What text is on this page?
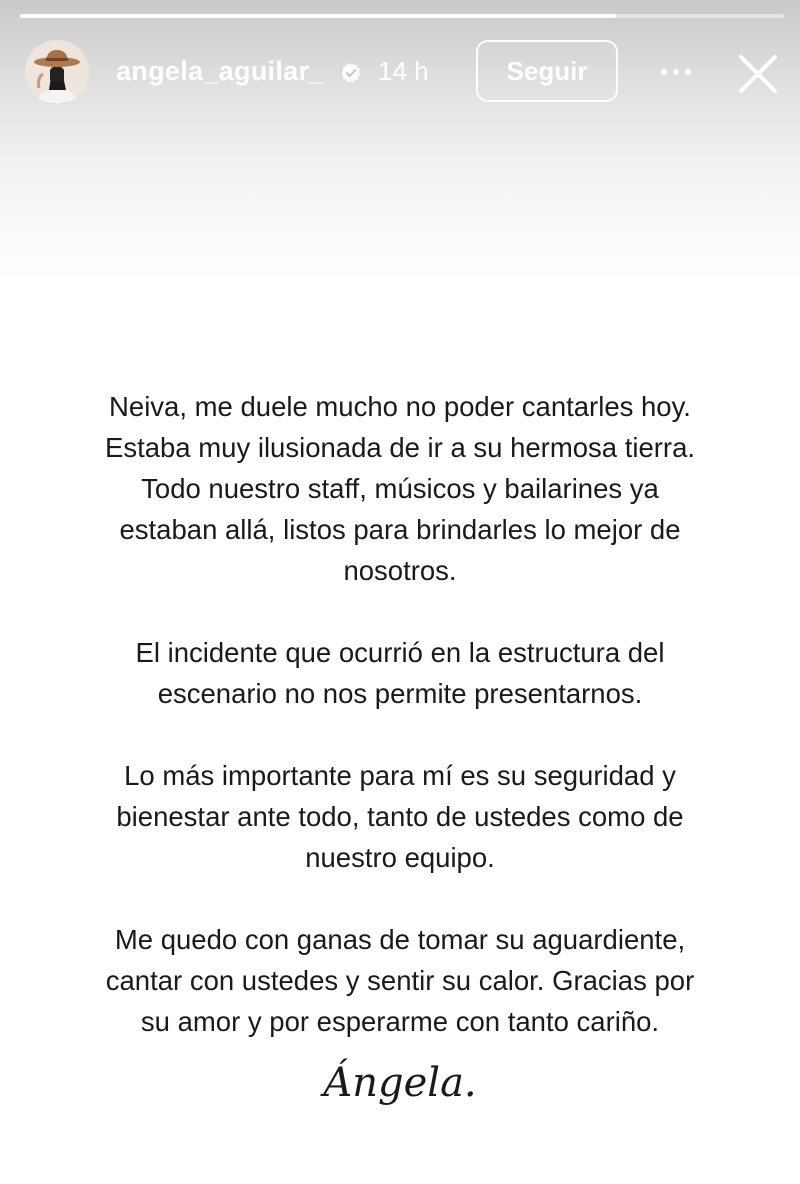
angela_aguilar_ 14 h	Seguir

Neiva, me duele mucho no poder cantarles hoy.
Estaba muy ilusionada de ir a su hermosa tierra.
Todo nuestro staff, músicos y bailarines ya
estaban allá, listos para brindarles lo mejor de
nosotros.

El incidente que ocurrió en la estructura del
escenario no nos permite presentarnos.

Lo más importante para mí es su seguridad y
bienestar ante todo, tanto de ustedes como de
nuestro equipo.

Me quedo con ganas de tomar su aguardiente,
cantar con ustedes y sentir su calor. Gracias por
su amor y por esperarme con tanto cariño.

Ángela.
